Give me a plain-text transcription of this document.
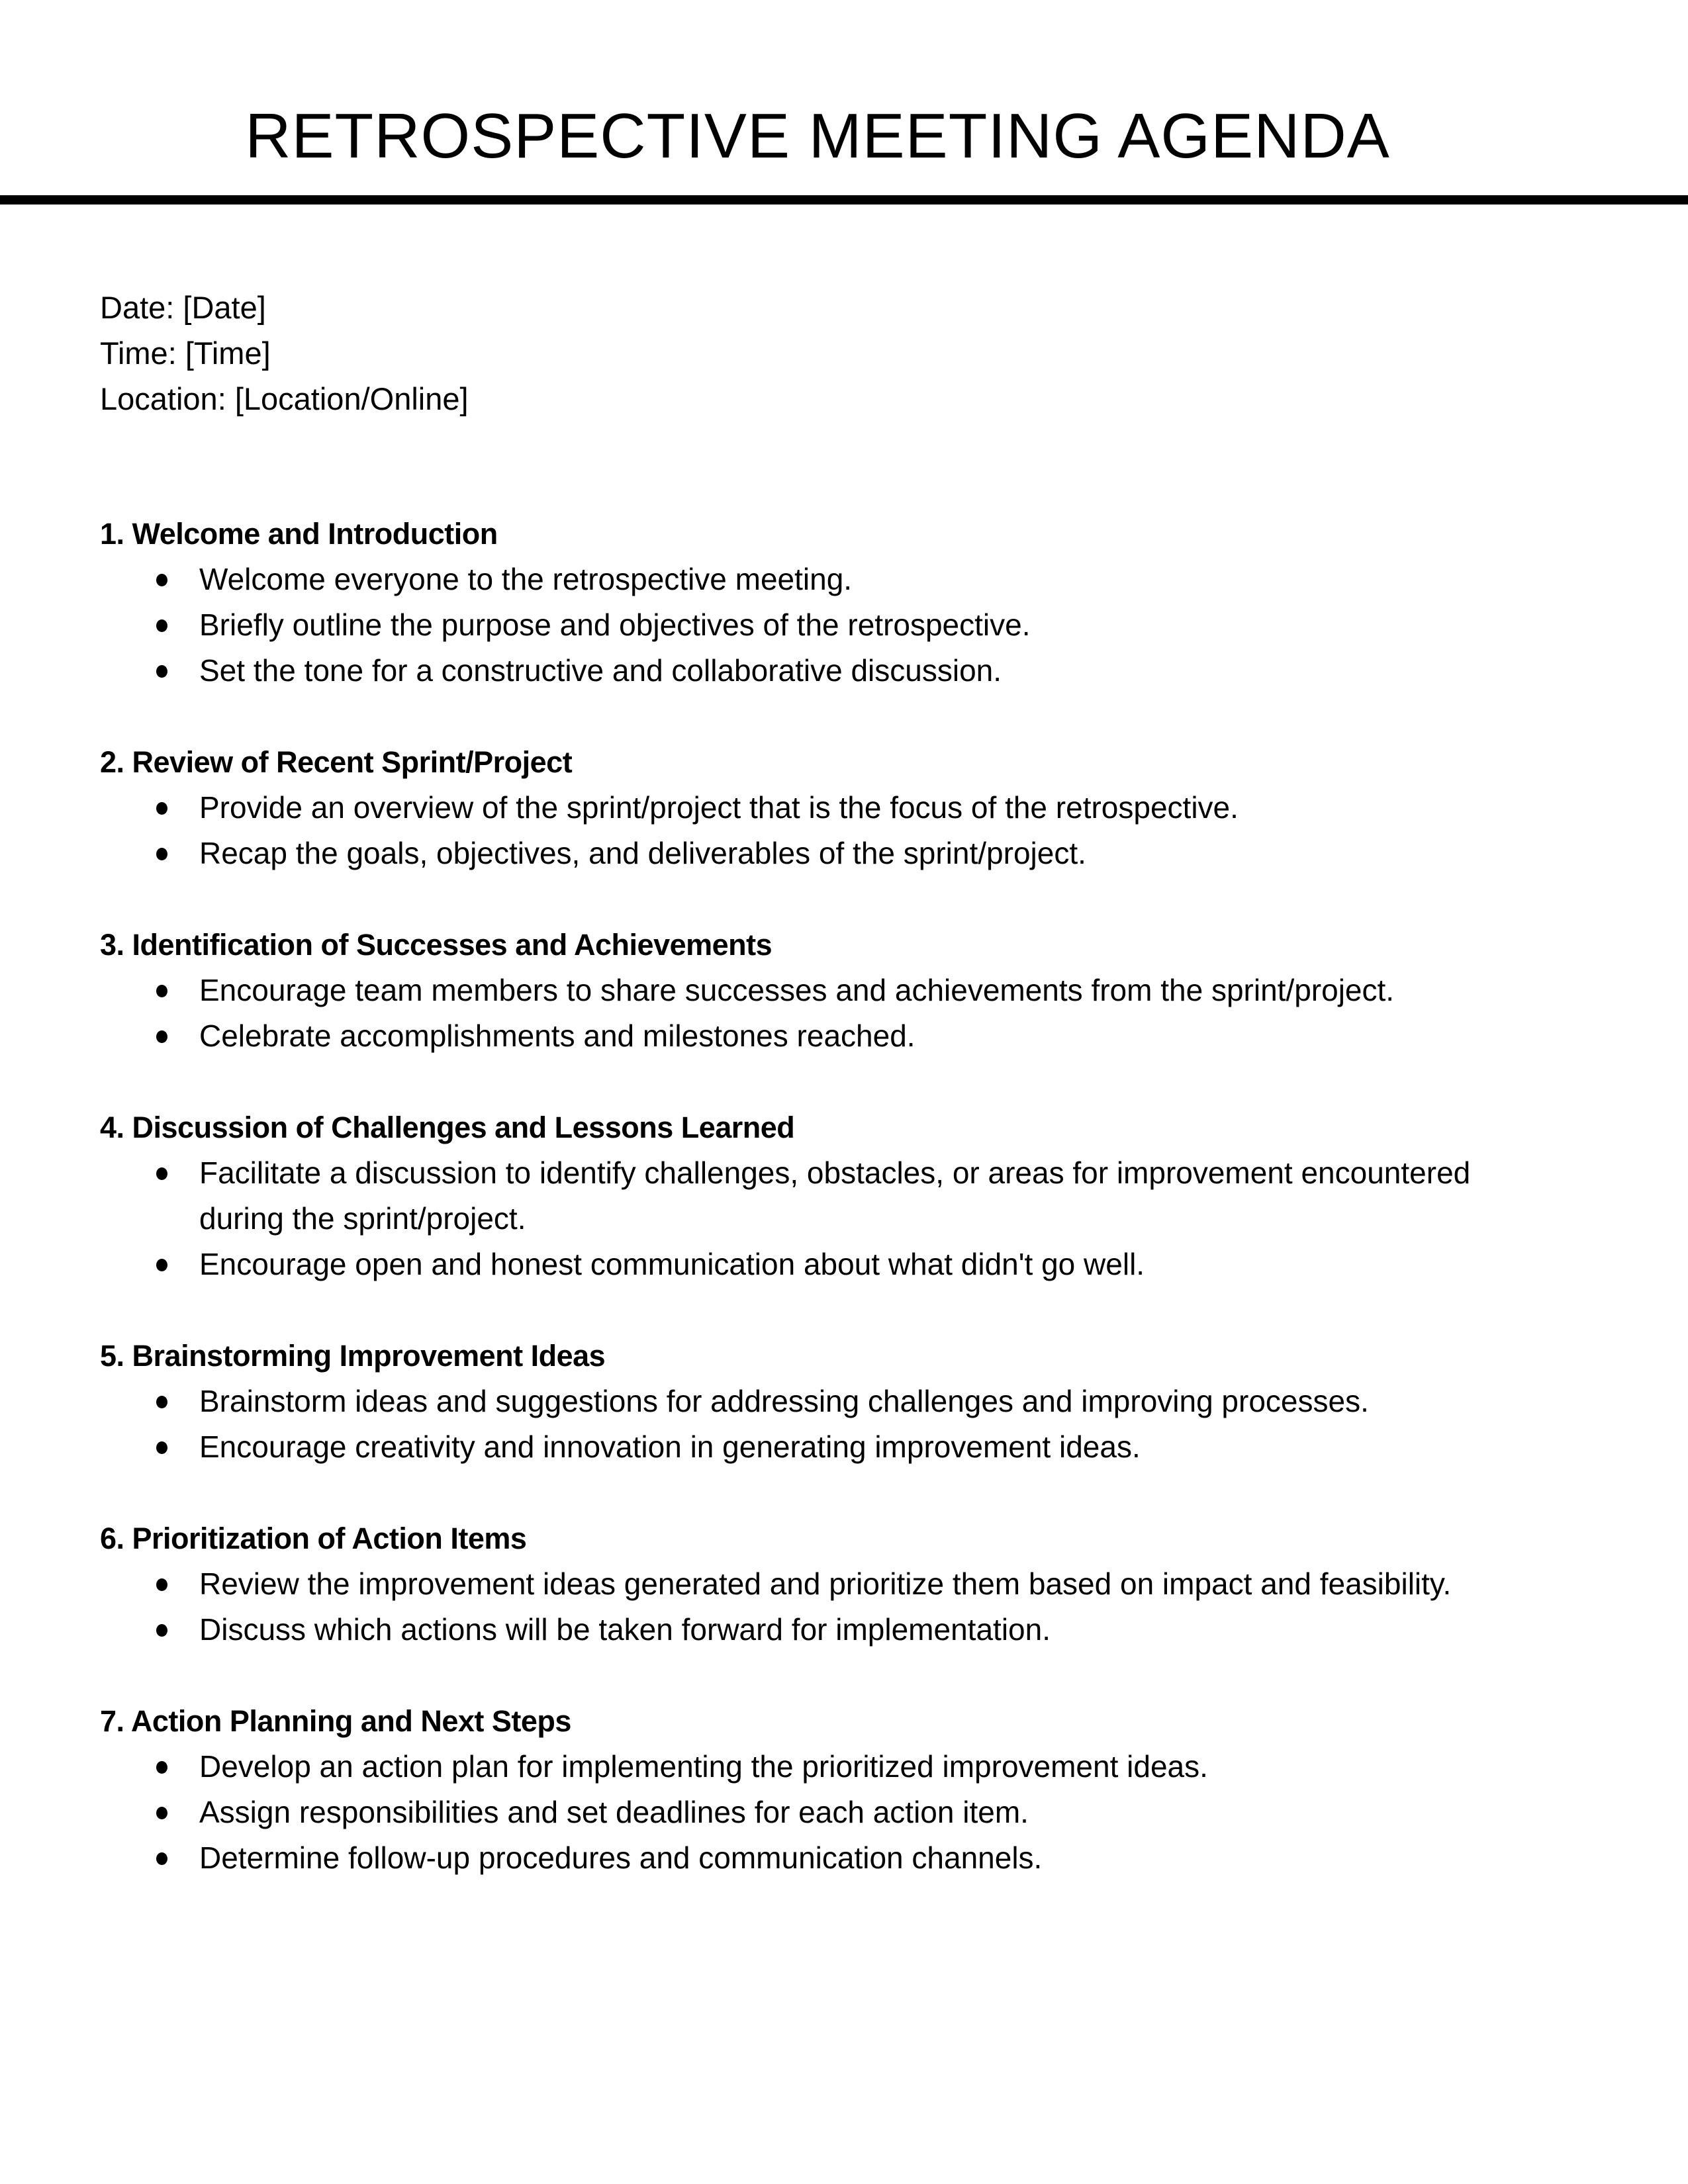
RETROSPECTIVE MEETING AGENDA
Date: [Date]
Time: [Time]
Location: [Location/Online]
1. Welcome and Introduction
Welcome everyone to the retrospective meeting.
Briefly outline the purpose and objectives of the retrospective.
Set the tone for a constructive and collaborative discussion.
2. Review of Recent Sprint/Project
Provide an overview of the sprint/project that is the focus of the retrospective.
Recap the goals, objectives, and deliverables of the sprint/project.
3. Identification of Successes and Achievements
Encourage team members to share successes and achievements from the sprint/project.
Celebrate accomplishments and milestones reached.
4. Discussion of Challenges and Lessons Learned
Facilitate a discussion to identify challenges, obstacles, or areas for improvement encountered during the sprint/project.
Encourage open and honest communication about what didn't go well.
5. Brainstorming Improvement Ideas
Brainstorm ideas and suggestions for addressing challenges and improving processes.
Encourage creativity and innovation in generating improvement ideas.
6. Prioritization of Action Items
Review the improvement ideas generated and prioritize them based on impact and feasibility.
Discuss which actions will be taken forward for implementation.
7. Action Planning and Next Steps
Develop an action plan for implementing the prioritized improvement ideas.
Assign responsibilities and set deadlines for each action item.
Determine follow-up procedures and communication channels.
